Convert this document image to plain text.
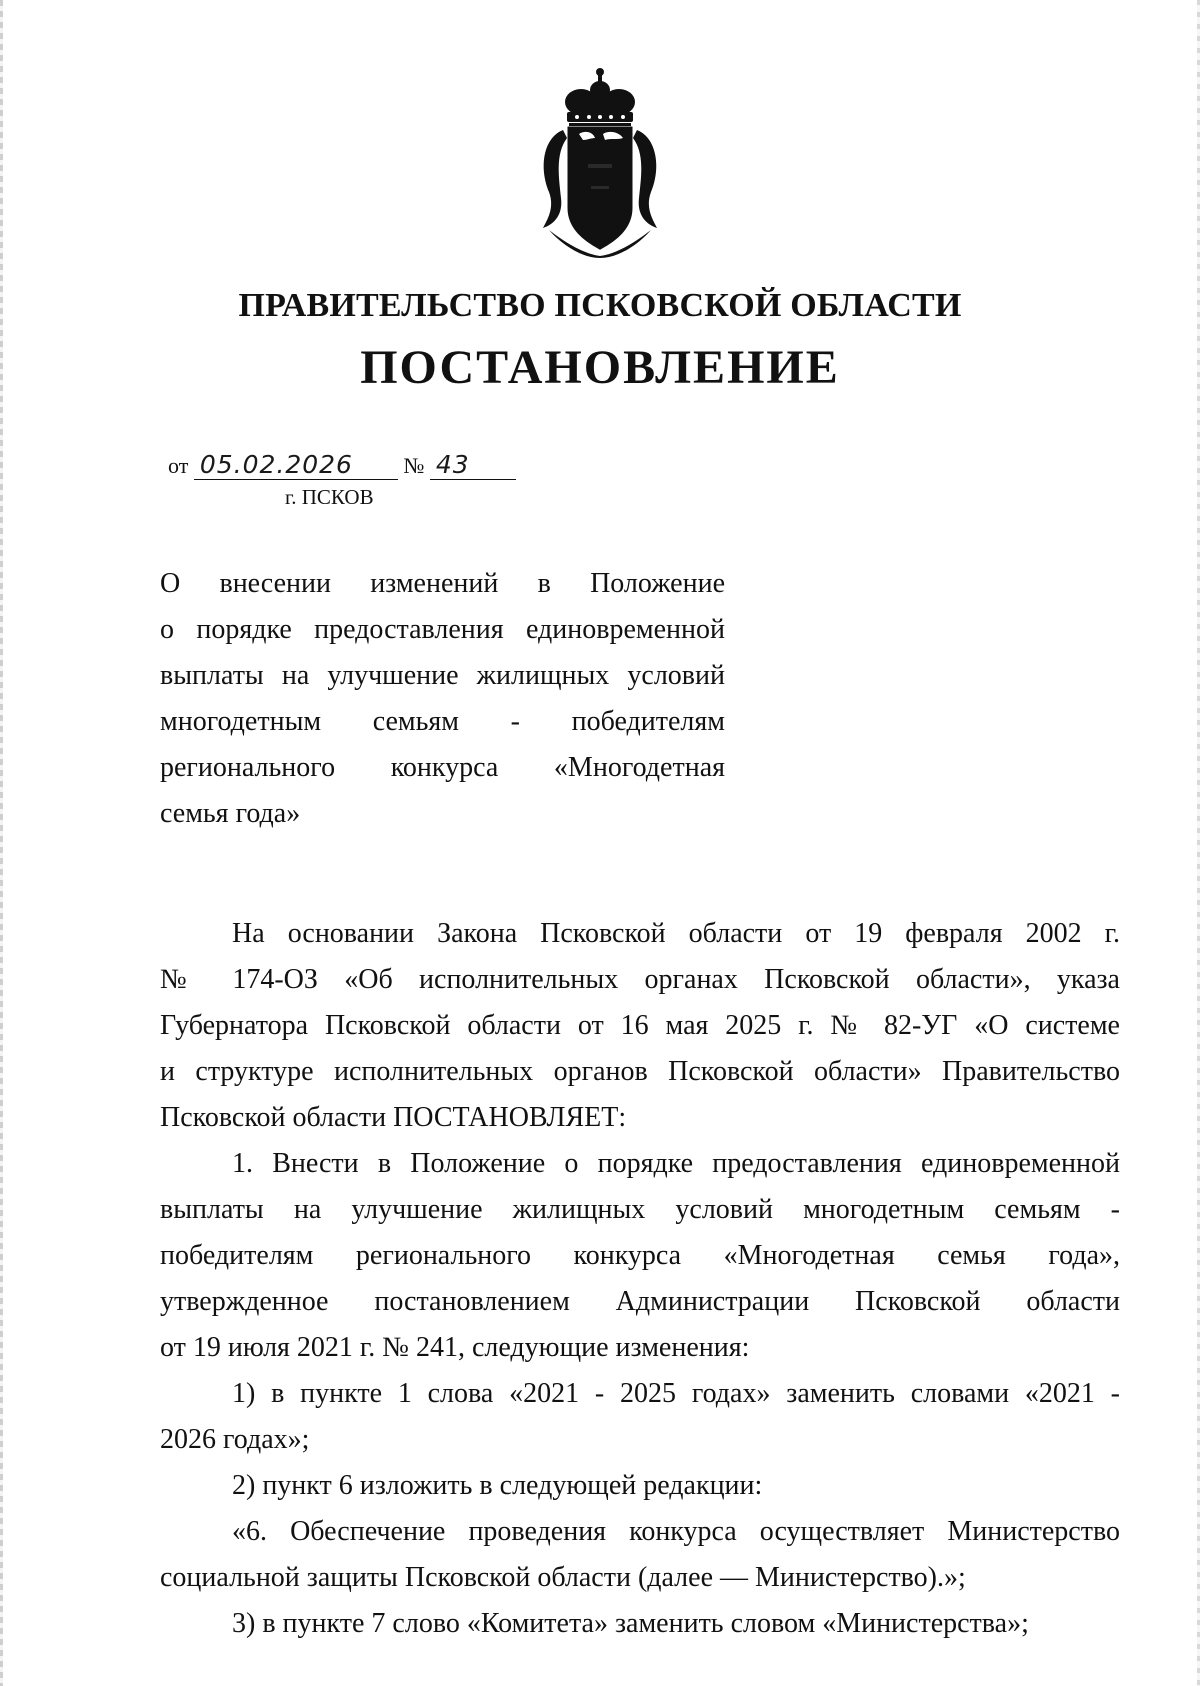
ПРАВИТЕЛЬСТВО ПСКОВСКОЙ ОБЛАСТИ
ПОСТАНОВЛЕНИЕ
от 05.02.2026 № 43
г. ПСКОВ
О внесении изменений в Положение
о порядке предоставления единовременной
выплаты на улучшение жилищных условий
многодетным семьям - победителям
регионального конкурса «Многодетная
семья года»
На основании Закона Псковской области от 19 февраля 2002 г.
№ 174-ОЗ «Об исполнительных органах Псковской области», указа
Губернатора Псковской области от 16 мая 2025 г. № 82-УГ «О системе
и структуре исполнительных органов Псковской области» Правительство
Псковской области ПОСТАНОВЛЯЕТ:
1. Внести в Положение о порядке предоставления единовременной
выплаты на улучшение жилищных условий многодетным семьям -
победителям регионального конкурса «Многодетная семья года»,
утвержденное постановлением Администрации Псковской области
от 19 июля 2021 г. № 241, следующие изменения:
1) в пункте 1 слова «2021 - 2025 годах» заменить словами «2021 -
2026 годах»;
2) пункт 6 изложить в следующей редакции:
«6. Обеспечение проведения конкурса осуществляет Министерство
социальной защиты Псковской области (далее — Министерство).»;
3) в пункте 7 слово «Комитета» заменить словом «Министерства»;
